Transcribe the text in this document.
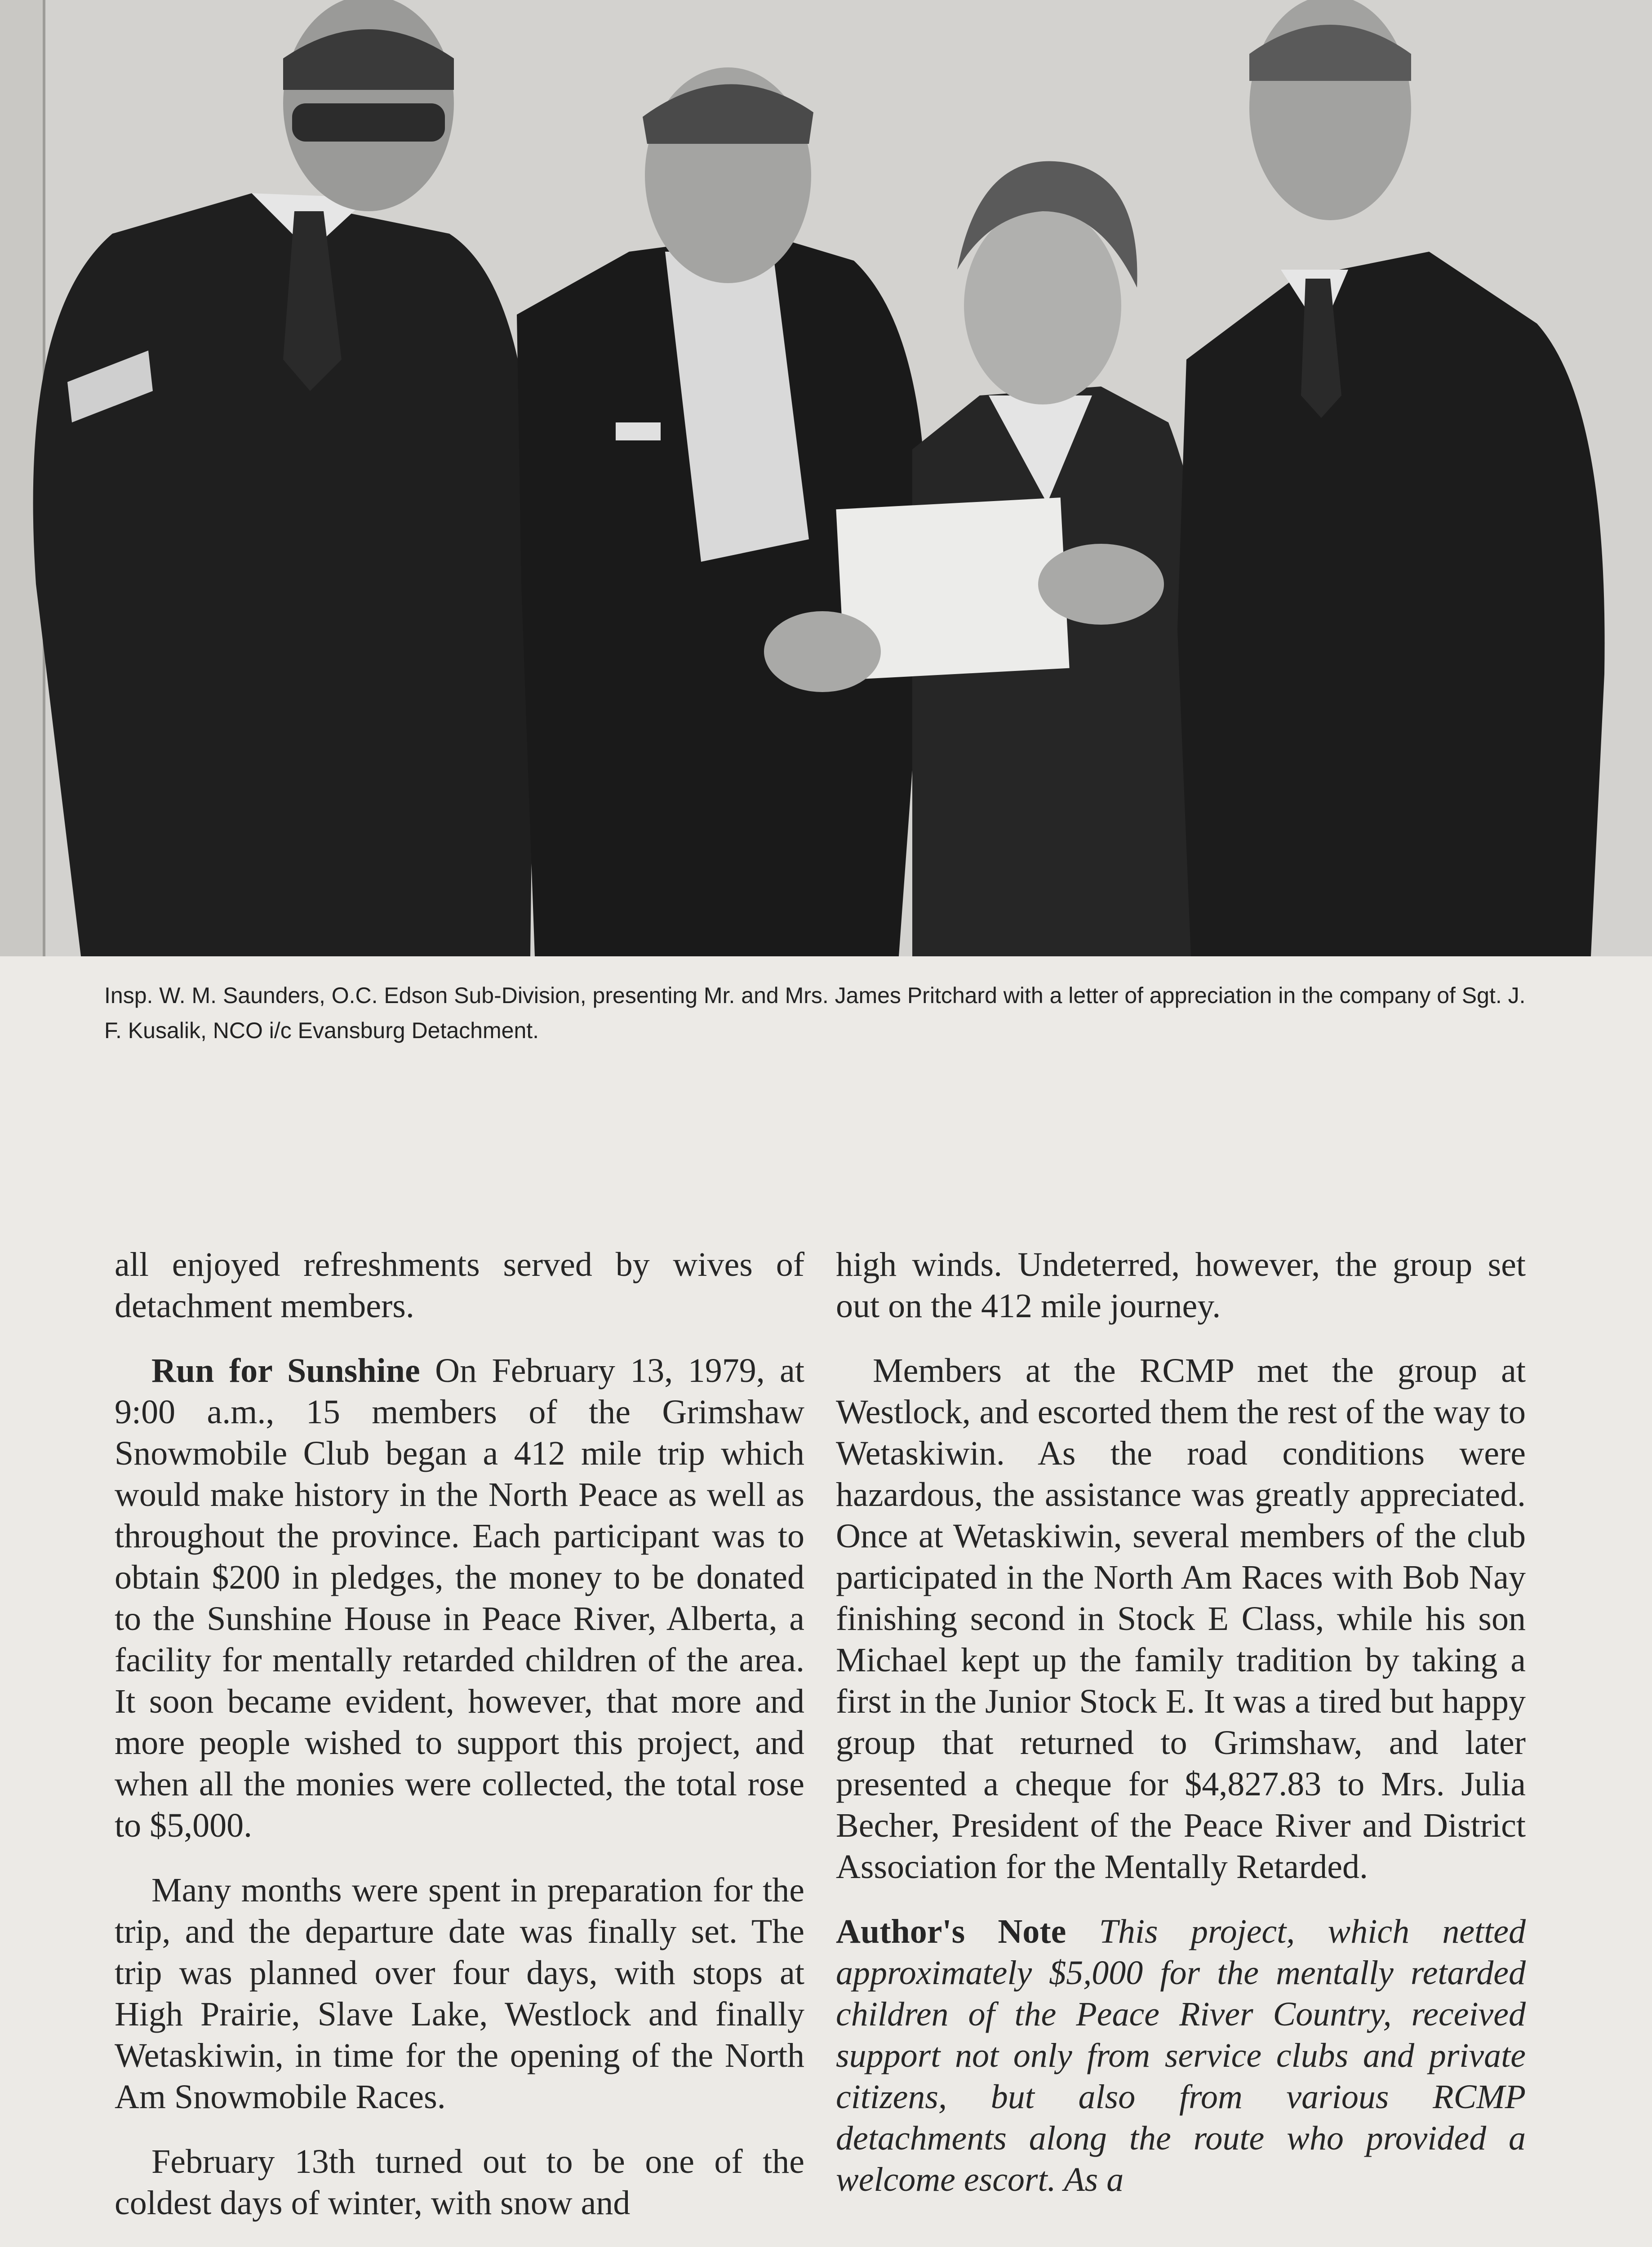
Insp. W. M. Saunders, O.C. Edson Sub-Division, presenting Mr. and Mrs. James Pritchard with a letter of appreciation in the company of Sgt. J. F. Kusalik, NCO i/c Evansburg Detachment.

all enjoyed refreshments served by wives of detachment members.

Run for Sunshine On February 13, 1979, at 9:00 a.m., 15 members of the Grimshaw Snowmobile Club began a 412 mile trip which would make history in the North Peace as well as throughout the province. Each participant was to obtain $200 in pledges, the money to be donated to the Sunshine House in Peace River, Alberta, a facility for mentally retarded children of the area. It soon became evident, however, that more and more people wished to support this project, and when all the monies were collected, the total rose to $5,000.

Many months were spent in preparation for the trip, and the departure date was finally set. The trip was planned over four days, with stops at High Prairie, Slave Lake, Westlock and finally Wetaskiwin, in time for the opening of the North Am Snowmobile Races.

February 13th turned out to be one of the coldest days of winter, with snow and

high winds. Undeterred, however, the group set out on the 412 mile journey.

Members at the RCMP met the group at Westlock, and escorted them the rest of the way to Wetaskiwin. As the road conditions were hazardous, the assistance was greatly appreciated. Once at Wetaskiwin, several members of the club participated in the North Am Races with Bob Nay finishing second in Stock E Class, while his son Michael kept up the family tradition by taking a first in the Junior Stock E. It was a tired but happy group that returned to Grimshaw, and later presented a cheque for $4,827.83 to Mrs. Julia Becher, President of the Peace River and District Association for the Mentally Retarded.

Author's Note This project, which netted approximately $5,000 for the mentally retarded children of the Peace River Country, received support not only from service clubs and private citizens, but also from various RCMP detachments along the route who provided a welcome escort. As a
